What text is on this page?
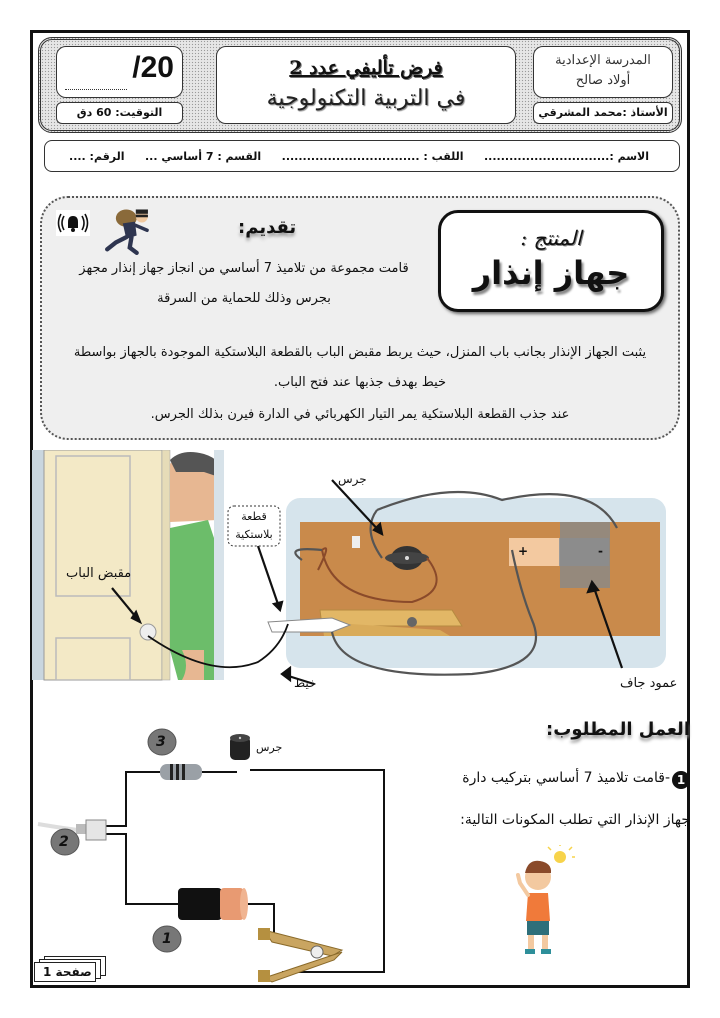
/20
التوقيت: 60 دق
فرض تأليفي عدد 2
في التربية التكنولوجية
المدرسة الإعدادية
أولاد صالح
الأستاذ :محمد المشرقي
الاسم :..............................
اللقب : .................................
القسم : 7 أساسي ...
الرقم: ....
المنتج :
جهاز إنذار
تقديم:
قامت مجموعة من تلاميذ 7 أساسي من انجاز جهاز إنذار مجهز
بجرس وذلك للحماية من السرقة
يثبت الجهاز الإنذار بجانب باب المنزل، حيث يربط مقبض الباب بالقطعة البلاستكية الموجودة بالجهاز بواسطة
خيط بهدف جذبها عند فتح الباب.
عند جذب القطعة البلاستكية يمر التيار الكهربائي في الدارة فيرن بذلك الجرس.
مقبض الباب
قطعة
بلاستكية
جرس
خيط	عمود جاف
+	-
العمل المطلوب:
1-قامت تلاميذ 7 أساسي بتركيب دارة
جهاز الإنذار التي تطلب المكونات التالية:
3
2
1
جرس
صفحة 1
